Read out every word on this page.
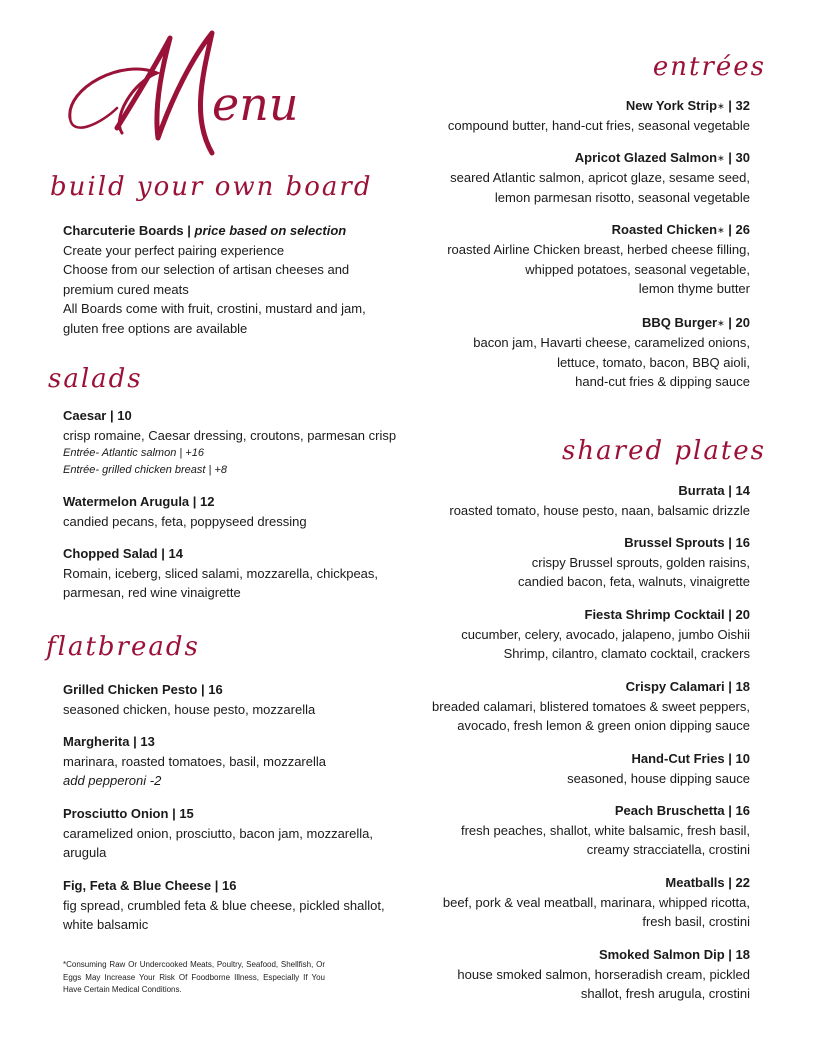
enu
build your own board
Charcuterie Boards | price based on selection
Create your perfect pairing experience
Choose from our selection of artisan cheeses and
premium cured meats
All Boards come with fruit, crostini, mustard and jam,
gluten free options are available
salads
Caesar | 10
crisp romaine, Caesar dressing, croutons, parmesan crisp
Entrée- Atlantic salmon | +16
Entrée- grilled chicken breast | +8
Watermelon Arugula | 12
candied pecans, feta, poppyseed dressing
Chopped Salad | 14
Romain, iceberg, sliced salami, mozzarella, chickpeas,
parmesan, red wine vinaigrette
flatbreads
Grilled Chicken Pesto | 16
seasoned chicken, house pesto, mozzarella
Margherita | 13
marinara, roasted tomatoes, basil, mozzarella
add pepperoni -2
Prosciutto Onion | 15
caramelized onion, prosciutto, bacon jam, mozzarella,
arugula
Fig, Feta & Blue Cheese | 16
fig spread, crumbled feta & blue cheese, pickled shallot,
white balsamic
*Consuming Raw Or Undercooked Meats, Poultry, Seafood, Shellfish, Or Eggs May Increase Your Risk Of Foodborne Illness, Especially If You Have Certain Medical Conditions.
entrées
New York Strip∗ | 32
compound butter, hand-cut fries, seasonal vegetable
Apricot Glazed Salmon∗ | 30
seared Atlantic salmon, apricot glaze, sesame seed,
lemon parmesan risotto, seasonal vegetable
Roasted Chicken∗ | 26
roasted Airline Chicken breast, herbed cheese filling,
whipped potatoes, seasonal vegetable,
lemon thyme butter
BBQ Burger∗ | 20
bacon jam, Havarti cheese, caramelized onions,
lettuce, tomato, bacon, BBQ aioli,
hand-cut fries & dipping sauce
shared plates
Burrata | 14
roasted tomato, house pesto, naan, balsamic drizzle
Brussel Sprouts | 16
crispy Brussel sprouts, golden raisins,
candied bacon, feta, walnuts, vinaigrette
Fiesta Shrimp Cocktail | 20
cucumber, celery, avocado, jalapeno, jumbo Oishii
Shrimp, cilantro, clamato cocktail, crackers
Crispy Calamari | 18
breaded calamari, blistered tomatoes & sweet peppers,
avocado, fresh lemon & green onion dipping sauce
Hand-Cut Fries | 10
seasoned, house dipping sauce
Peach Bruschetta | 16
fresh peaches, shallot, white balsamic, fresh basil,
creamy stracciatella, crostini
Meatballs | 22
beef, pork & veal meatball, marinara, whipped ricotta,
fresh basil, crostini
Smoked Salmon Dip | 18
house smoked salmon, horseradish cream, pickled
shallot, fresh arugula, crostini
